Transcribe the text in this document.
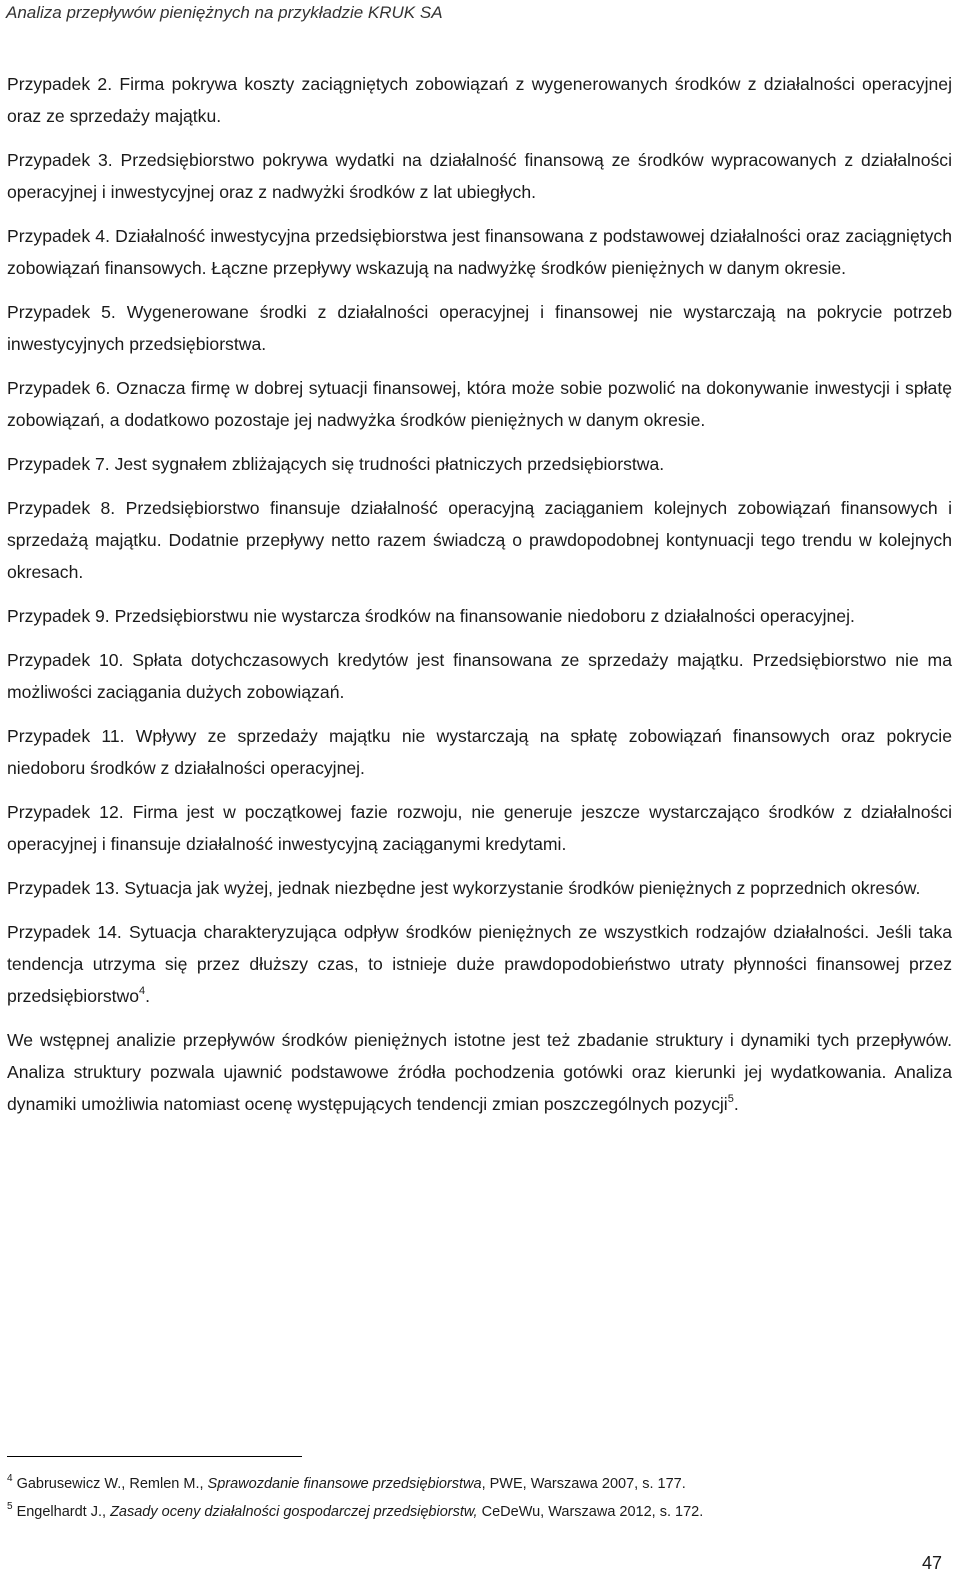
Analiza przepływów pieniężnych na przykładzie KRUK SA

Przypadek 2. Firma pokrywa koszty zaciągniętych zobowiązań z wygenerowanych środków z działalności operacyjnej oraz ze sprzedaży majątku.

Przypadek 3. Przedsiębiorstwo pokrywa wydatki na działalność finansową ze środków wypracowanych z działalności operacyjnej i inwestycyjnej oraz z nadwyżki środków z lat ubiegłych.

Przypadek 4. Działalność inwestycyjna przedsiębiorstwa jest finansowana z podstawowej działalności oraz zaciągniętych zobowiązań finansowych. Łączne przepływy wskazują na nadwyżkę środków pieniężnych w danym okresie.

Przypadek 5. Wygenerowane środki z działalności operacyjnej i finansowej nie wystarczają na pokrycie potrzeb inwestycyjnych przedsiębiorstwa.

Przypadek 6. Oznacza firmę w dobrej sytuacji finansowej, która może sobie pozwolić na dokonywanie inwestycji i spłatę zobowiązań, a dodatkowo pozostaje jej nadwyżka środków pieniężnych w danym okresie.

Przypadek 7. Jest sygnałem zbliżających się trudności płatniczych przedsiębiorstwa.

Przypadek 8. Przedsiębiorstwo finansuje działalność operacyjną zaciąganiem kolejnych zobowiązań finansowych i sprzedażą majątku. Dodatnie przepływy netto razem świadczą o prawdopodobnej kontynuacji tego trendu w kolejnych okresach.

Przypadek 9. Przedsiębiorstwu nie wystarcza środków na finansowanie niedoboru z działalności operacyjnej.

Przypadek 10. Spłata dotychczasowych kredytów jest finansowana ze sprzedaży majątku. Przedsiębiorstwo nie ma możliwości zaciągania dużych zobowiązań.

Przypadek 11. Wpływy ze sprzedaży majątku nie wystarczają na spłatę zobowiązań finansowych oraz pokrycie niedoboru środków z działalności operacyjnej.

Przypadek 12. Firma jest w początkowej fazie rozwoju, nie generuje jeszcze wystarczająco środków z działalności operacyjnej i finansuje działalność inwestycyjną zaciąganymi kredytami.

Przypadek 13. Sytuacja jak wyżej, jednak niezbędne jest wykorzystanie środków pieniężnych z poprzednich okresów.

Przypadek 14. Sytuacja charakteryzująca odpływ środków pieniężnych ze wszystkich rodzajów działalności. Jeśli taka tendencja utrzyma się przez dłuższy czas, to istnieje duże prawdopodobieństwo utraty płynności finansowej przez przedsiębiorstwo$^4$.

We wstępnej analizie przepływów środków pieniężnych istotne jest też zbadanie struktury i dynamiki tych przepływów. Analiza struktury pozwala ujawnić podstawowe źródła pochodzenia gotówki oraz kierunki jej wydatkowania. Analiza dynamiki umożliwia natomiast ocenę występujących tendencji zmian poszczególnych pozycji$^5$.

$^4$ Gabrusewicz W., Remlen M., Sprawozdanie finansowe przedsiębiorstwa, PWE, Warszawa 2007, s. 177.

$^5$ Engelhardt J., Zasady oceny działalności gospodarczej przedsiębiorstw, CeDeWu, Warszawa 2012, s. 172.

47
